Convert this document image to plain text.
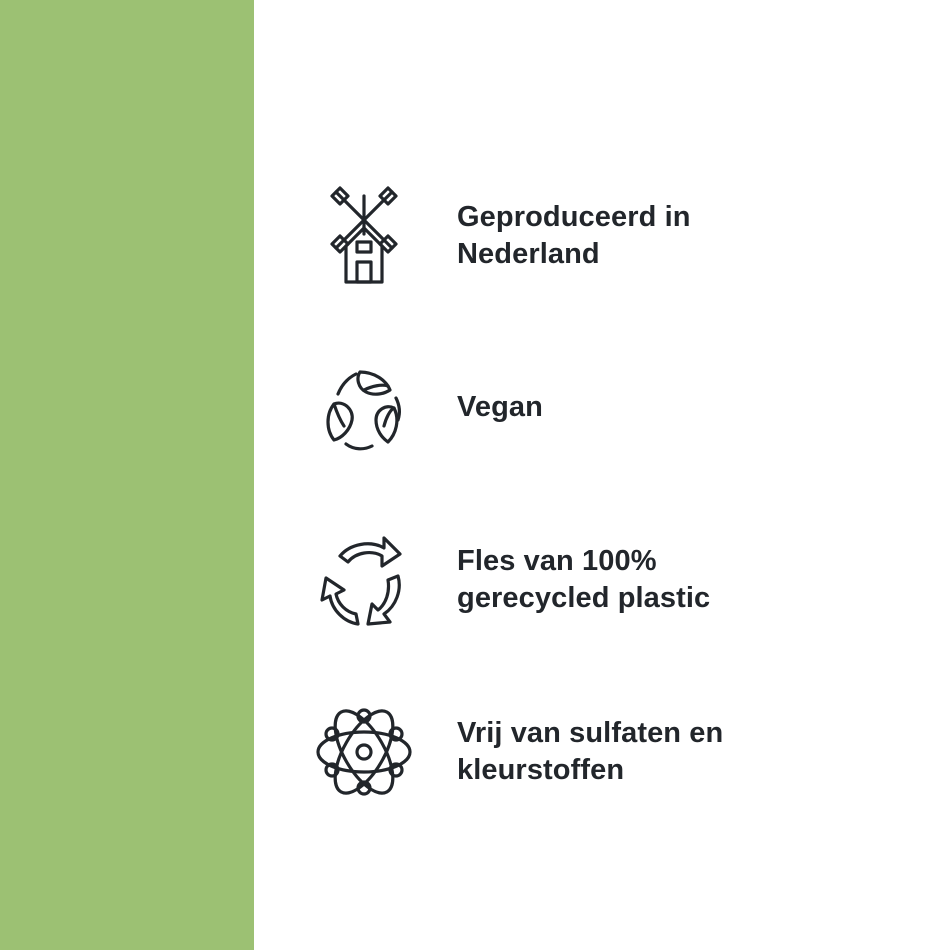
Geproduceerd in Nederland
Vegan
Fles van 100% gerecycled plastic
Vrij van sulfaten en kleurstoffen
